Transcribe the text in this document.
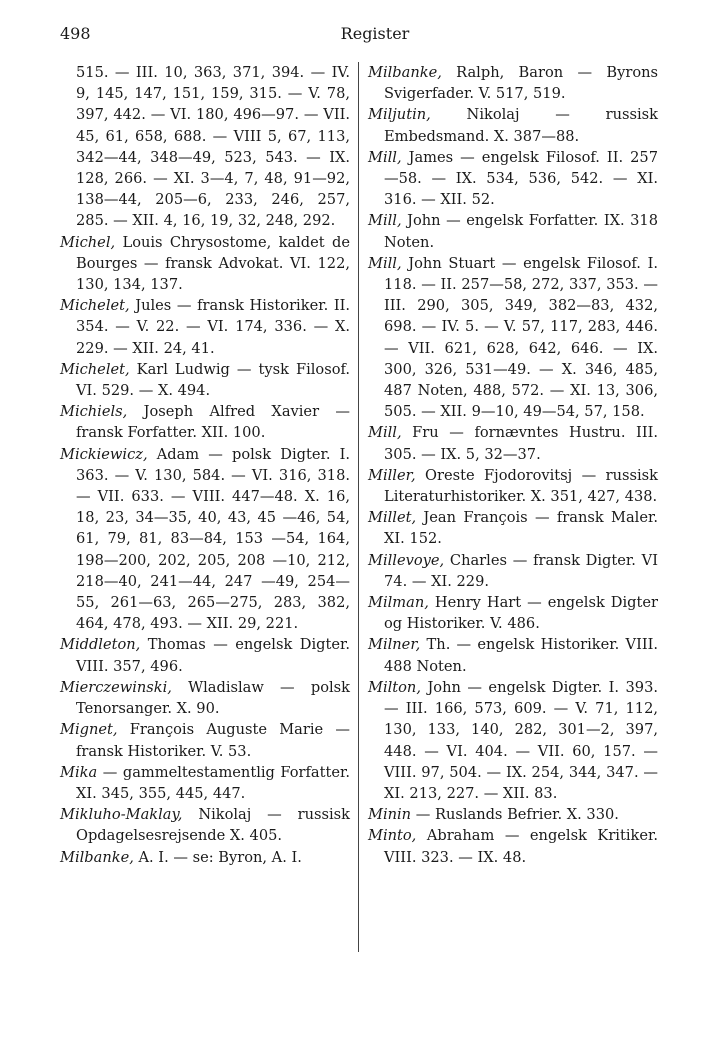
498	Register

515. — III. 10, 363, 371, 394. — IV. 9, 145, 147, 151, 159, 315. — V. 78, 397, 442. — VI. 180, 496—97. — VII. 45, 61, 658, 688. — VIII 5, 67, 113, 342—44, 348—49, 523, 543. — IX. 128, 266. — XI. 3—4, 7, 48, 91—92, 138—44, 205—6, 233, 246, 257, 285. — XII. 4, 16, 19, 32, 248, 292.

Michel, Louis Chrysostome, kaldet de Bourges — fransk Advokat. VI. 122, 130, 134, 137.

Michelet, Jules — fransk Historiker. II. 354. — V. 22. — VI. 174, 336. — X. 229. — XII. 24, 41.

Michelet, Karl Ludwig — tysk Filosof. VI. 529. — X. 494.

Michiels, Joseph Alfred Xavier — fransk Forfatter. XII. 100.

Mickiewicz, Adam — polsk Digter. I. 363. — V. 130, 584. — VI. 316, 318. — VII. 633. — VIII. 447—48. X. 16, 18, 23, 34—35, 40, 43, 45 —46, 54, 61, 79, 81, 83—84, 153 —54, 164, 198—200, 202, 205, 208 —10, 212, 218—40, 241—44, 247 —49, 254—55, 261—63, 265—275, 283, 382, 464, 478, 493. — XII. 29, 221.

Middleton, Thomas — engelsk Digter. VIII. 357, 496.

Mierczewinski, Wladislaw — polsk Tenorsanger. X. 90.

Mignet, François Auguste Marie — fransk Historiker. V. 53.

Mika — gammeltestamentlig Forfatter. XI. 345, 355, 445, 447.

Mikluho-Maklay, Nikolaj — russisk Opdagelsesrejsende X. 405.

Milbanke, A. I. — se: Byron, A. I.

Milbanke, Ralph, Baron — Byrons Svigerfader. V. 517, 519.

Miljutin, Nikolaj — russisk Embedsmand. X. 387—88.

Mill, James — engelsk Filosof. II. 257—58. — IX. 534, 536, 542. — XI. 316. — XII. 52.

Mill, John — engelsk Forfatter. IX. 318 Noten.

Mill, John Stuart — engelsk Filosof. I. 118. — II. 257—58, 272, 337, 353. — III. 290, 305, 349, 382—83, 432, 698. — IV. 5. — V. 57, 117, 283, 446. — VII. 621, 628, 642, 646. — IX. 300, 326, 531—49. — X. 346, 485, 487 Noten, 488, 572. — XI. 13, 306, 505. — XII. 9—10, 49—54, 57, 158.

Mill, Fru — fornævntes Hustru. III. 305. — IX. 5, 32—37.

Miller, Oreste Fjodorovitsj — russisk Literaturhistoriker. X. 351, 427, 438.

Millet, Jean François — fransk Maler. XI. 152.

Millevoye, Charles — fransk Digter. VI 74. — XI. 229.

Milman, Henry Hart — engelsk Digter og Historiker. V. 486.

Milner, Th. — engelsk Historiker. VIII. 488 Noten.

Milton, John — engelsk Digter. I. 393. — III. 166, 573, 609. — V. 71, 112, 130, 133, 140, 282, 301—2, 397, 448. — VI. 404. — VII. 60, 157. — VIII. 97, 504. — IX. 254, 344, 347. — XI. 213, 227. — XII. 83.

Minin — Ruslands Befrier. X. 330.

Minto, Abraham — engelsk Kritiker. VIII. 323. — IX. 48.
